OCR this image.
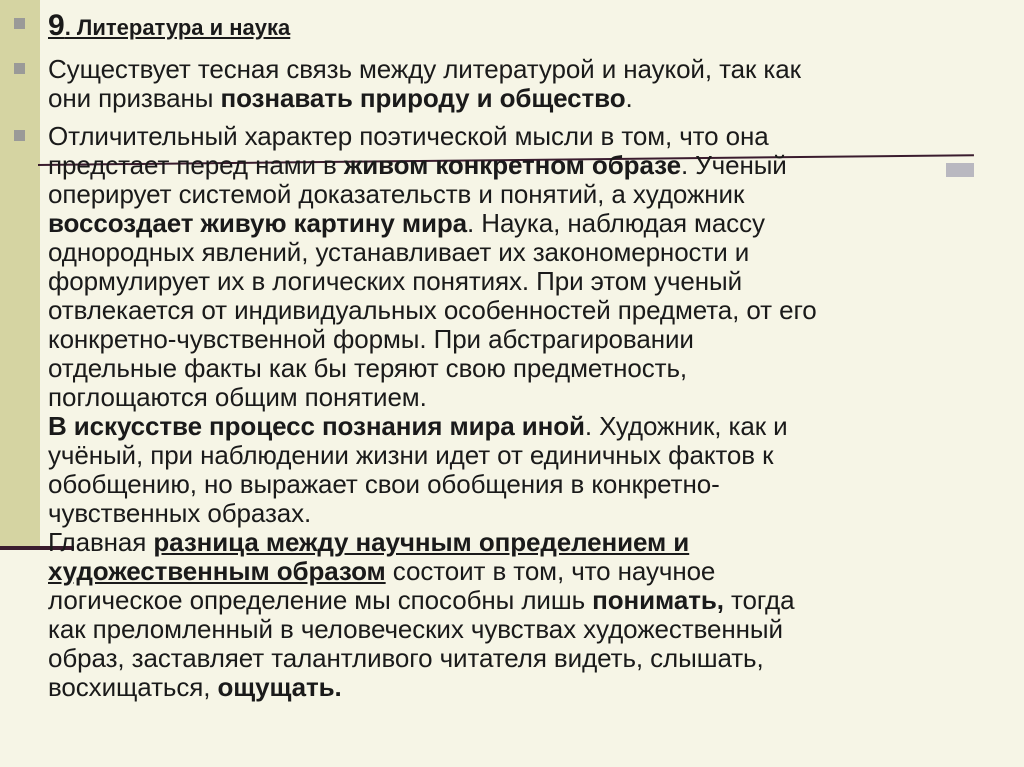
9. Литература и наука
Существует тесная связь между литературой и наукой, так как
они призваны познавать природу и общество.
Отличительный характер поэтической мысли в том, что она
предстает перед нами в живом конкретном образе. Ученый
оперирует системой доказательств и понятий, а художник
воссоздает живую картину мира. Наука, наблюдая массу
однородных явлений, устанавливает их закономерности и
формулирует их в логических понятиях. При этом ученый
отвлекается от индивидуальных особенностей предмета, от его
конкретно-чувственной формы. При абстрагировании
отдельные факты как бы теряют свою предметность,
поглощаются общим понятием.
В искусстве процесс познания мира иной. Художник, как и
учёный, при наблюдении жизни идет от единичных фактов к
обобщению, но выражает свои обобщения в конкретно-
чувственных образах.
Главная разница между научным определением и
художественным образом состоит в том, что научное
логическое определение мы способны лишь понимать, тогда
как преломленный в человеческих чувствах художественный
образ, заставляет талантливого читателя видеть, слышать,
восхищаться, ощущать.
